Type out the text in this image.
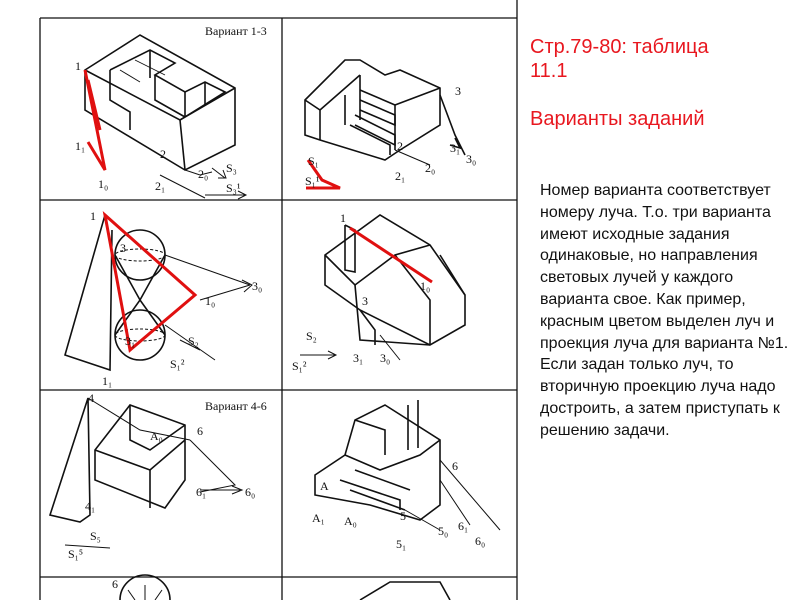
Вариант 1-3
Вариант 4-6
1
1₁
1₀
2
2₁
2₀ S₃
S₃¹
3
3₁
3₀
2
2₁
2₀
S₁
S₁¹
1
3
3₀
1₀
3₁
1₁
S₂
S₁²
1
1₀
3
3₁ 3₀
S₂
S₁²
4
A₀
4₁
6
6₁	6₀
S₅
S₁⁵
6
A
A₁ A₀	5
5₀
5₁	6₀
6₁
6
Стр.79-80: таблица
11.1
Варианты заданий
Номер варианта соответствует номеру луча. Т.о. три варианта имеют исходные задания одинаковые, но направления световых лучей у каждого варианта свое. Как пример, красным цветом выделен луч и проекция луча для варианта №1. Если задан только луч, то вторичную проекцию луча надо достроить, а затем приступать к решению задачи.
